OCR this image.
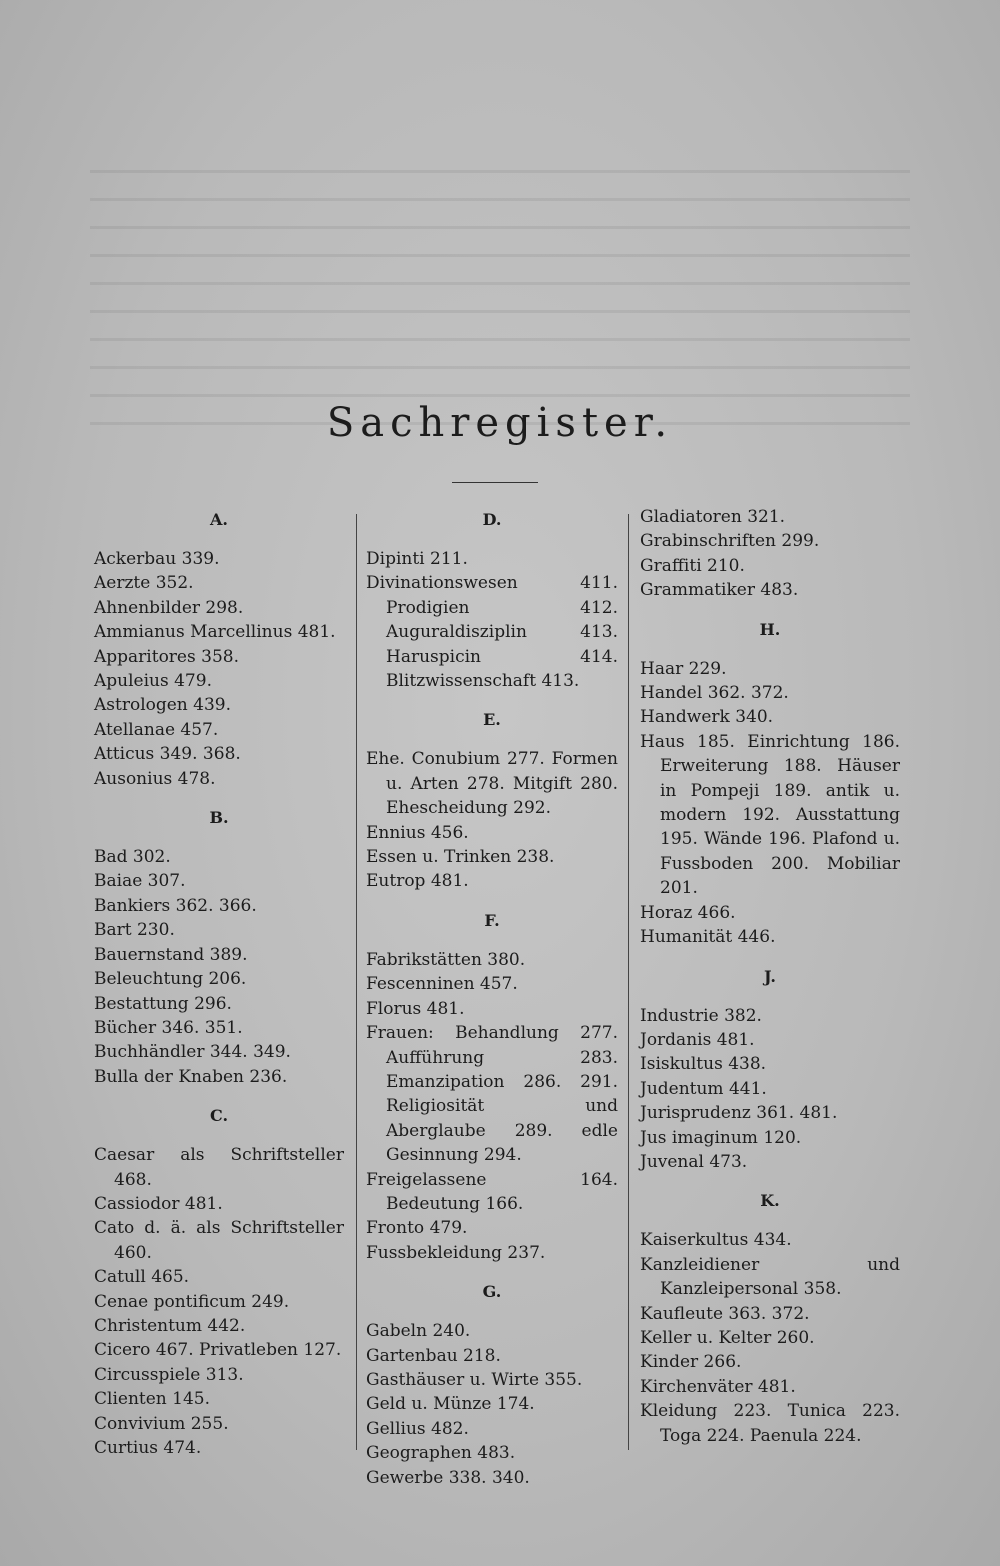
Sachregister.
A.

Ackerbau 339.

Aerzte 352.

Ahnenbilder 298.

Ammianus Marcellinus 481.

Apparitores 358.

Apuleius 479.

Astrologen 439.

Atellanae 457.

Atticus 349. 368.

Ausonius 478.

B.

Bad 302.

Baiae 307.

Bankiers 362. 366.

Bart 230.

Bauernstand 389.

Beleuchtung 206.

Bestattung 296.

Bücher 346. 351.

Buchhändler 344. 349.

Bulla der Knaben 236.

C.

Caesar als Schriftsteller 468.

Cassiodor 481.

Cato d. ä. als Schriftsteller 460.

Catull 465.

Cenae pontificum 249.

Christentum 442.

Cicero 467. Privatleben 127.

Circusspiele 313.

Clienten 145.

Convivium 255.

Curtius 474.

D.

Dipinti 211.

Divinationswesen 411. Prodigien 412. Auguraldisziplin 413. Haruspicin 414. Blitzwissenschaft 413.

E.

Ehe. Conubium 277. Formen u. Arten 278. Mitgift 280. Ehescheidung 292.

Ennius 456.

Essen u. Trinken 238.

Eutrop 481.

F.

Fabrikstätten 380.

Fescenninen 457.

Florus 481.

Frauen: Behandlung 277. Aufführung 283. Emanzipation 286. 291. Religiosität und Aberglaube 289. edle Gesinnung 294.

Freigelassene 164. Bedeutung 166.

Fronto 479.

Fussbekleidung 237.

G.

Gabeln 240.

Gartenbau 218.

Gasthäuser u. Wirte 355.

Geld u. Münze 174.

Gellius 482.

Geographen 483.

Gewerbe 338. 340.

Gladiatoren 321.

Grabinschriften 299.

Graffiti 210.

Grammatiker 483.

H.

Haar 229.

Handel 362. 372.

Handwerk 340.

Haus 185. Einrichtung 186. Erweiterung 188. Häuser in Pompeji 189. antik u. modern 192. Ausstattung 195. Wände 196. Plafond u. Fussboden 200. Mobiliar 201.

Horaz 466.

Humanität 446.

J.

Industrie 382.

Jordanis 481.

Isiskultus 438.

Judentum 441.

Jurisprudenz 361. 481.

Jus imaginum 120.

Juvenal 473.

K.

Kaiserkultus 434.

Kanzleidiener und Kanzleipersonal 358.

Kaufleute 363. 372.

Keller u. Kelter 260.

Kinder 266.

Kirchenväter 481.

Kleidung 223. Tunica 223. Toga 224. Paenula 224.
